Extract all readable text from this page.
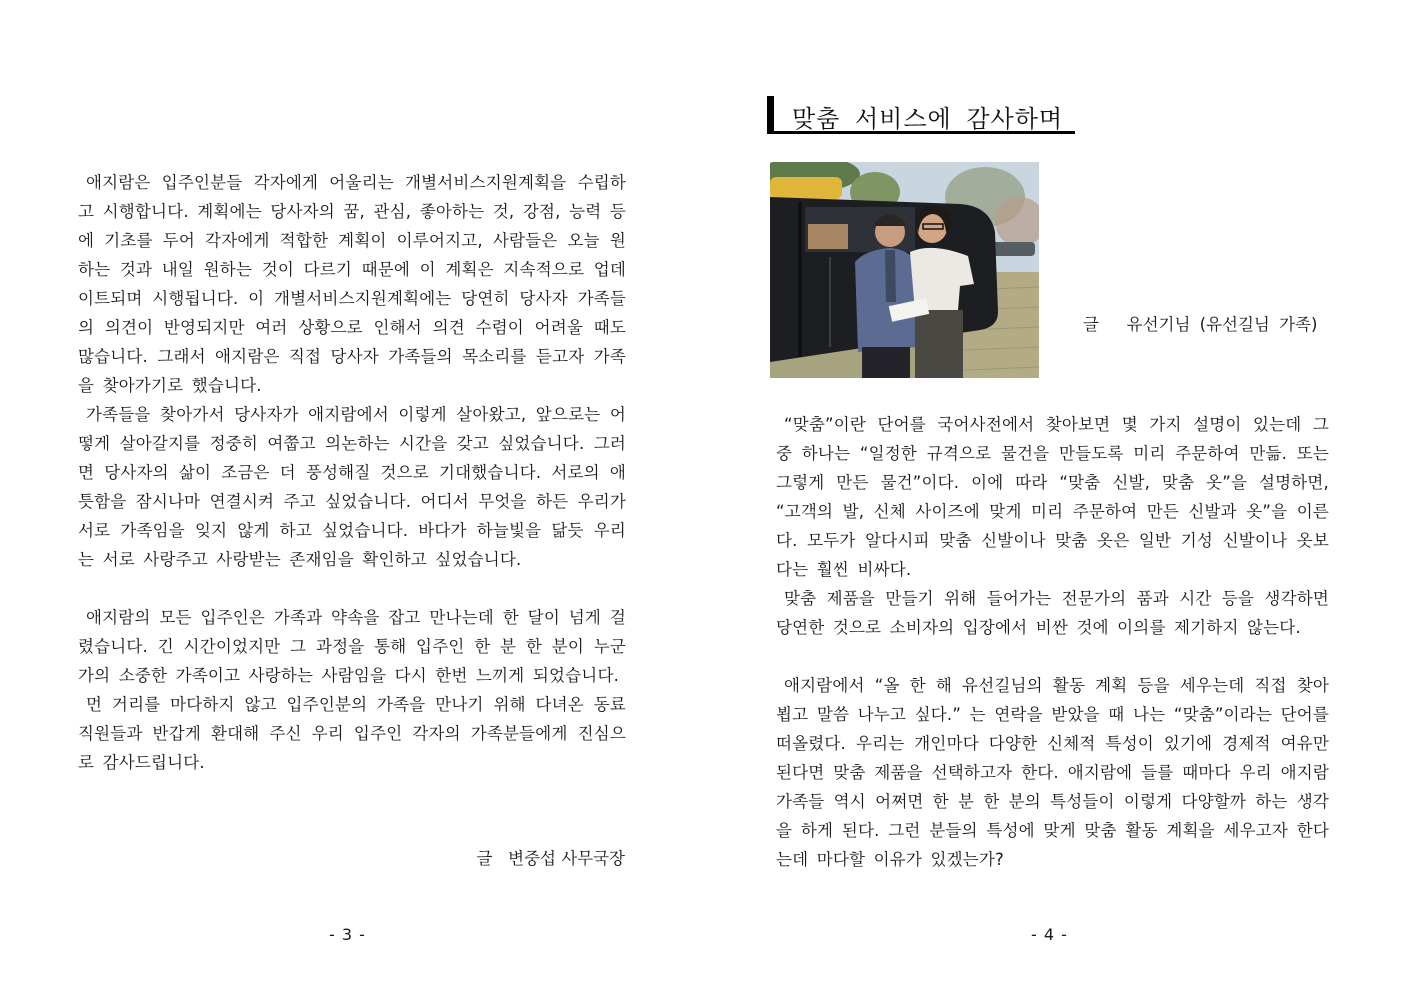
애지람은 입주인분들 각자에게 어울리는 개별서비스지원계획을 수립하고 시행합니다. 계획에는 당사자의 꿈, 관심, 좋아하는 것, 강점, 능력 등에 기초를 두어 각자에게 적합한 계획이 이루어지고, 사람들은 오늘 원하는 것과 내일 원하는 것이 다르기 때문에 이 계획은 지속적으로 업데이트되며 시행됩니다. 이 개별서비스지원계획에는 당연히 당사자 가족들의 의견이 반영되지만 여러 상황으로 인해서 의견 수렴이 어려울 때도 많습니다. 그래서 애지람은 직접 당사자 가족들의 목소리를 듣고자 가족을 찾아가기로 했습니다.

가족들을 찾아가서 당사자가 애지람에서 이렇게 살아왔고, 앞으로는 어떻게 살아갈지를 정중히 여쭙고 의논하는 시간을 갖고 싶었습니다. 그러면 당사자의 삶이 조금은 더 풍성해질 것으로 기대했습니다. 서로의 애틋함을 잠시나마 연결시켜 주고 싶었습니다. 어디서 무엇을 하든 우리가 서로 가족임을 잊지 않게 하고 싶었습니다. 바다가 하늘빛을 닮듯 우리는 서로 사랑주고 사랑받는 존재임을 확인하고 싶었습니다.

애지람의 모든 입주인은 가족과 약속을 잡고 만나는데 한 달이 넘게 걸렸습니다. 긴 시간이었지만 그 과정을 통해 입주인 한 분 한 분이 누군가의 소중한 가족이고 사랑하는 사람임을 다시 한번 느끼게 되었습니다.

먼 거리를 마다하지 않고 입주인분의 가족을 만나기 위해 다녀온 동료 직원들과 반갑게 환대해 주신 우리 입주인 각자의 가족분들에게 진심으로 감사드립니다.

글   변중섭 사무국장
- 3 -
맞춤 서비스에 감사하며
글   유선기님 (유선길님 가족)

“맞춤”이란 단어를 국어사전에서 찾아보면 몇 가지 설명이 있는데 그 중 하나는 “일정한 규격으로 물건을 만들도록 미리 주문하여 만듦. 또는 그렇게 만든 물건”이다. 이에 따라 “맞춤 신발, 맞춤 옷”을 설명하면, “고객의 발, 신체 사이즈에 맞게 미리 주문하여 만든 신발과 옷”을 이른다. 모두가 알다시피 맞춤 신발이나 맞춤 옷은 일반 기성 신발이나 옷보다는 훨씬 비싸다.

맞춤 제품을 만들기 위해 들어가는 전문가의 품과 시간 등을 생각하면 당연한 것으로 소비자의 입장에서 비싼 것에 이의를 제기하지 않는다.

애지람에서 “올 한 해 유선길님의 활동 계획 등을 세우는데 직접 찾아 뵙고 말씀 나누고 싶다.” 는 연락을 받았을 때 나는 “맞춤”이라는 단어를 떠올렸다. 우리는 개인마다 다양한 신체적 특성이 있기에 경제적 여유만 된다면 맞춤 제품을 선택하고자 한다. 애지람에 들를 때마다 우리 애지람 가족들 역시 어쩌면 한 분 한 분의 특성들이 이렇게 다양할까 하는 생각을 하게 된다. 그런 분들의 특성에 맞게 맞춤 활동 계획을 세우고자 한다는데 마다할 이유가 있겠는가?

- 4 -
